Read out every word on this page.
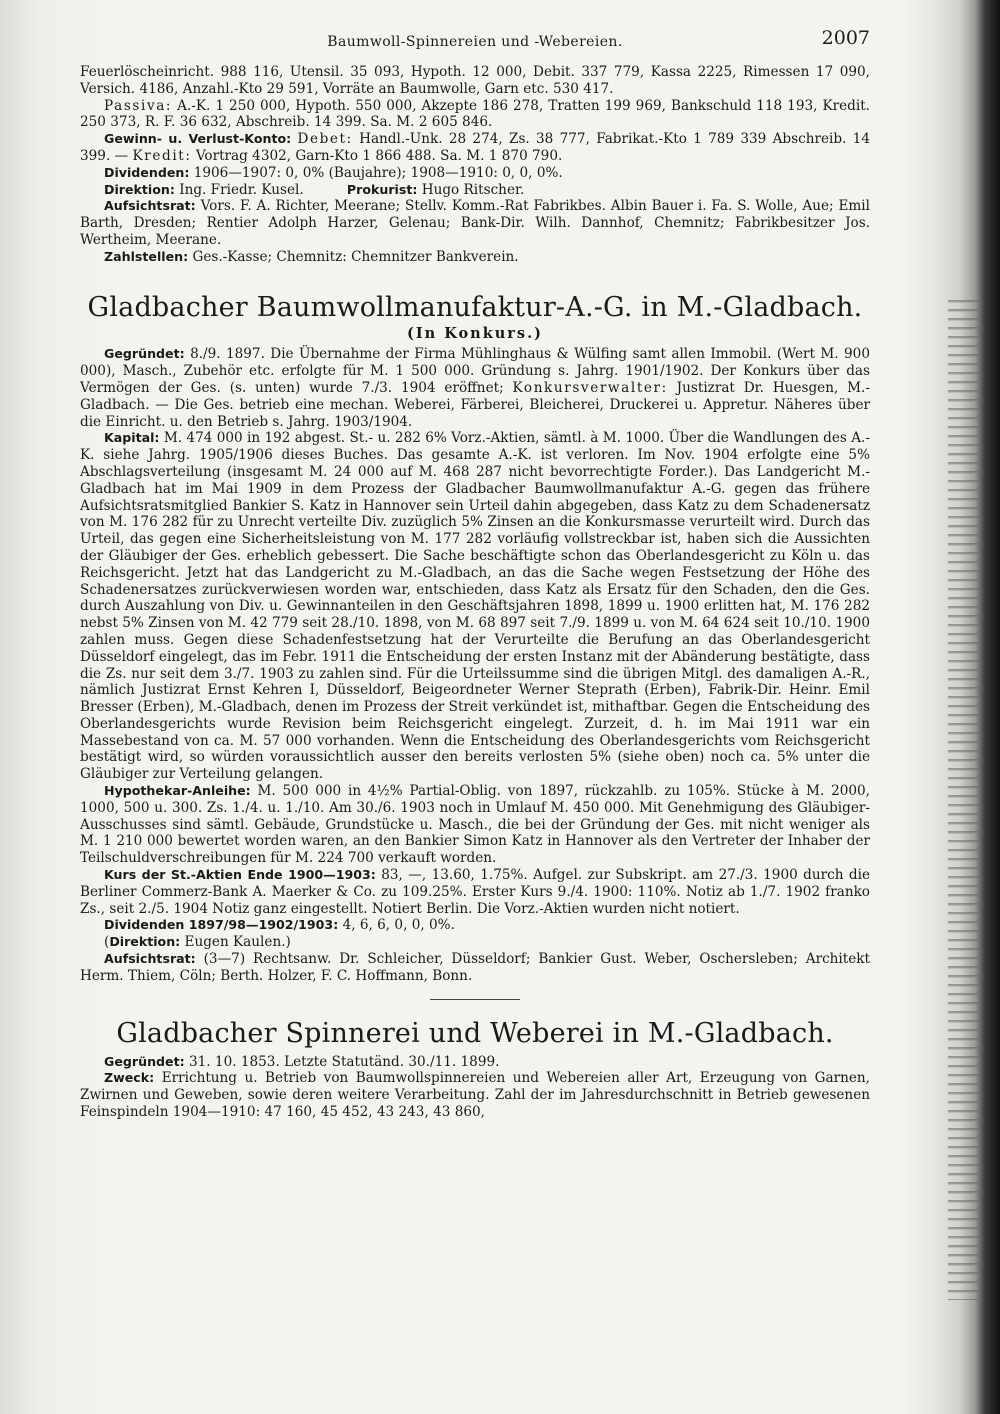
Baumwoll-Spinnereien und -Webereien.	2007

Feuerlöscheinricht. 988 116, Utensil. 35 093, Hypoth. 12 000, Debit. 337 779, Kassa 2225, Rimessen 17 090, Versich. 4186, Anzahl.-Kto 29 591, Vorräte an Baumwolle, Garn etc. 530 417.

Passiva: A.-K. 1 250 000, Hypoth. 550 000, Akzepte 186 278, Tratten 199 969, Bankschuld 118 193, Kredit. 250 373, R. F. 36 632, Abschreib. 14 399. Sa. M. 2 605 846.

Gewinn- u. Verlust-Konto: Debet: Handl.-Unk. 28 274, Zs. 38 777, Fabrikat.-Kto 1 789 339 Abschreib. 14 399. — Kredit: Vortrag 4302, Garn-Kto 1 866 488. Sa. M. 1 870 790.

Dividenden: 1906—1907: 0, 0% (Baujahre); 1908—1910: 0, 0, 0%.

Direktion: Ing. Friedr. Kusel.	Prokurist: Hugo Ritscher.

Aufsichtsrat: Vors. F. A. Richter, Meerane; Stellv. Komm.-Rat Fabrikbes. Albin Bauer i. Fa. S. Wolle, Aue; Emil Barth, Dresden; Rentier Adolph Harzer, Gelenau; Bank-Dir. Wilh. Dannhof, Chemnitz; Fabrikbesitzer Jos. Wertheim, Meerane.

Zahlstellen: Ges.-Kasse; Chemnitz: Chemnitzer Bankverein.

Gladbacher Baumwollmanufaktur-A.-G. in M.-Gladbach.
(In Konkurs.)

Gegründet: 8./9. 1897. Die Übernahme der Firma Mühlinghaus & Wülfing samt allen Immobil. (Wert M. 900 000), Masch., Zubehör etc. erfolgte für M. 1 500 000. Gründung s. Jahrg. 1901/1902. Der Konkurs über das Vermögen der Ges. (s. unten) wurde 7./3. 1904 eröffnet; Konkursverwalter: Justizrat Dr. Huesgen, M.-Gladbach. — Die Ges. betrieb eine mechan. Weberei, Färberei, Bleicherei, Druckerei u. Appretur. Näheres über die Einricht. u. den Betrieb s. Jahrg. 1903/1904.

Kapital: M. 474 000 in 192 abgest. St.- u. 282 6% Vorz.-Aktien, sämtl. à M. 1000. Über die Wandlungen des A.-K. siehe Jahrg. 1905/1906 dieses Buches. Das gesamte A.-K. ist verloren. Im Nov. 1904 erfolgte eine 5% Abschlagsverteilung (insgesamt M. 24 000 auf M. 468 287 nicht bevorrechtigte Forder.). Das Landgericht M.-Gladbach hat im Mai 1909 in dem Prozess der Gladbacher Baumwollmanufaktur A.-G. gegen das frühere Aufsichtsratsmitglied Bankier S. Katz in Hannover sein Urteil dahin abgegeben, dass Katz zu dem Schadenersatz von M. 176 282 für zu Unrecht verteilte Div. zuzüglich 5% Zinsen an die Konkursmasse verurteilt wird. Durch das Urteil, das gegen eine Sicherheitsleistung von M. 177 282 vorläufig vollstreckbar ist, haben sich die Aussichten der Gläubiger der Ges. erheblich gebessert. Die Sache beschäftigte schon das Oberlandesgericht zu Köln u. das Reichsgericht. Jetzt hat das Landgericht zu M.-Gladbach, an das die Sache wegen Festsetzung der Höhe des Schadenersatzes zurückverwiesen worden war, entschieden, dass Katz als Ersatz für den Schaden, den die Ges. durch Auszahlung von Div. u. Gewinnanteilen in den Geschäftsjahren 1898, 1899 u. 1900 erlitten hat, M. 176 282 nebst 5% Zinsen von M. 42 779 seit 28./10. 1898, von M. 68 897 seit 7./9. 1899 u. von M. 64 624 seit 10./10. 1900 zahlen muss. Gegen diese Schadenfestsetzung hat der Verurteilte die Berufung an das Oberlandesgericht Düsseldorf eingelegt, das im Febr. 1911 die Entscheidung der ersten Instanz mit der Abänderung bestätigte, dass die Zs. nur seit dem 3./7. 1903 zu zahlen sind. Für die Urteilssumme sind die übrigen Mitgl. des damaligen A.-R., nämlich Justizrat Ernst Kehren I, Düsseldorf, Beigeordneter Werner Steprath (Erben), Fabrik-Dir. Heinr. Emil Bresser (Erben), M.-Gladbach, denen im Prozess der Streit verkündet ist, mithaftbar. Gegen die Entscheidung des Oberlandesgerichts wurde Revision beim Reichsgericht eingelegt. Zurzeit, d. h. im Mai 1911 war ein Massebestand von ca. M. 57 000 vorhanden. Wenn die Entscheidung des Oberlandesgerichts vom Reichsgericht bestätigt wird, so würden voraussichtlich ausser den bereits verlosten 5% (siehe oben) noch ca. 5% unter die Gläubiger zur Verteilung gelangen.

Hypothekar-Anleihe: M. 500 000 in 4½% Partial-Oblig. von 1897, rückzahlb. zu 105%. Stücke à M. 2000, 1000, 500 u. 300. Zs. 1./4. u. 1./10. Am 30./6. 1903 noch in Umlauf M. 450 000. Mit Genehmigung des Gläubiger-Ausschusses sind sämtl. Gebäude, Grundstücke u. Masch., die bei der Gründung der Ges. mit nicht weniger als M. 1 210 000 bewertet worden waren, an den Bankier Simon Katz in Hannover als den Vertreter der Inhaber der Teilschuldverschreibungen für M. 224 700 verkauft worden.

Kurs der St.-Aktien Ende 1900—1903: 83, —, 13.60, 1.75%. Aufgel. zur Subskript. am 27./3. 1900 durch die Berliner Commerz-Bank A. Maerker & Co. zu 109.25%. Erster Kurs 9./4. 1900: 110%. Notiz ab 1./7. 1902 franko Zs., seit 2./5. 1904 Notiz ganz eingestellt. Notiert Berlin. Die Vorz.-Aktien wurden nicht notiert.

Dividenden 1897/98—1902/1903: 4, 6, 6, 0, 0, 0%.

(Direktion: Eugen Kaulen.)

Aufsichtsrat: (3—7) Rechtsanw. Dr. Schleicher, Düsseldorf; Bankier Gust. Weber, Oschersleben; Architekt Herm. Thiem, Cöln; Berth. Holzer, F. C. Hoffmann, Bonn.

Gladbacher Spinnerei und Weberei in M.-Gladbach.

Gegründet: 31. 10. 1853. Letzte Statutänd. 30./11. 1899.

Zweck: Errichtung u. Betrieb von Baumwollspinnereien und Webereien aller Art, Erzeugung von Garnen, Zwirnen und Geweben, sowie deren weitere Verarbeitung. Zahl der im Jahresdurchschnitt in Betrieb gewesenen Feinspindeln 1904—1910: 47 160, 45 452, 43 243, 43 860,
